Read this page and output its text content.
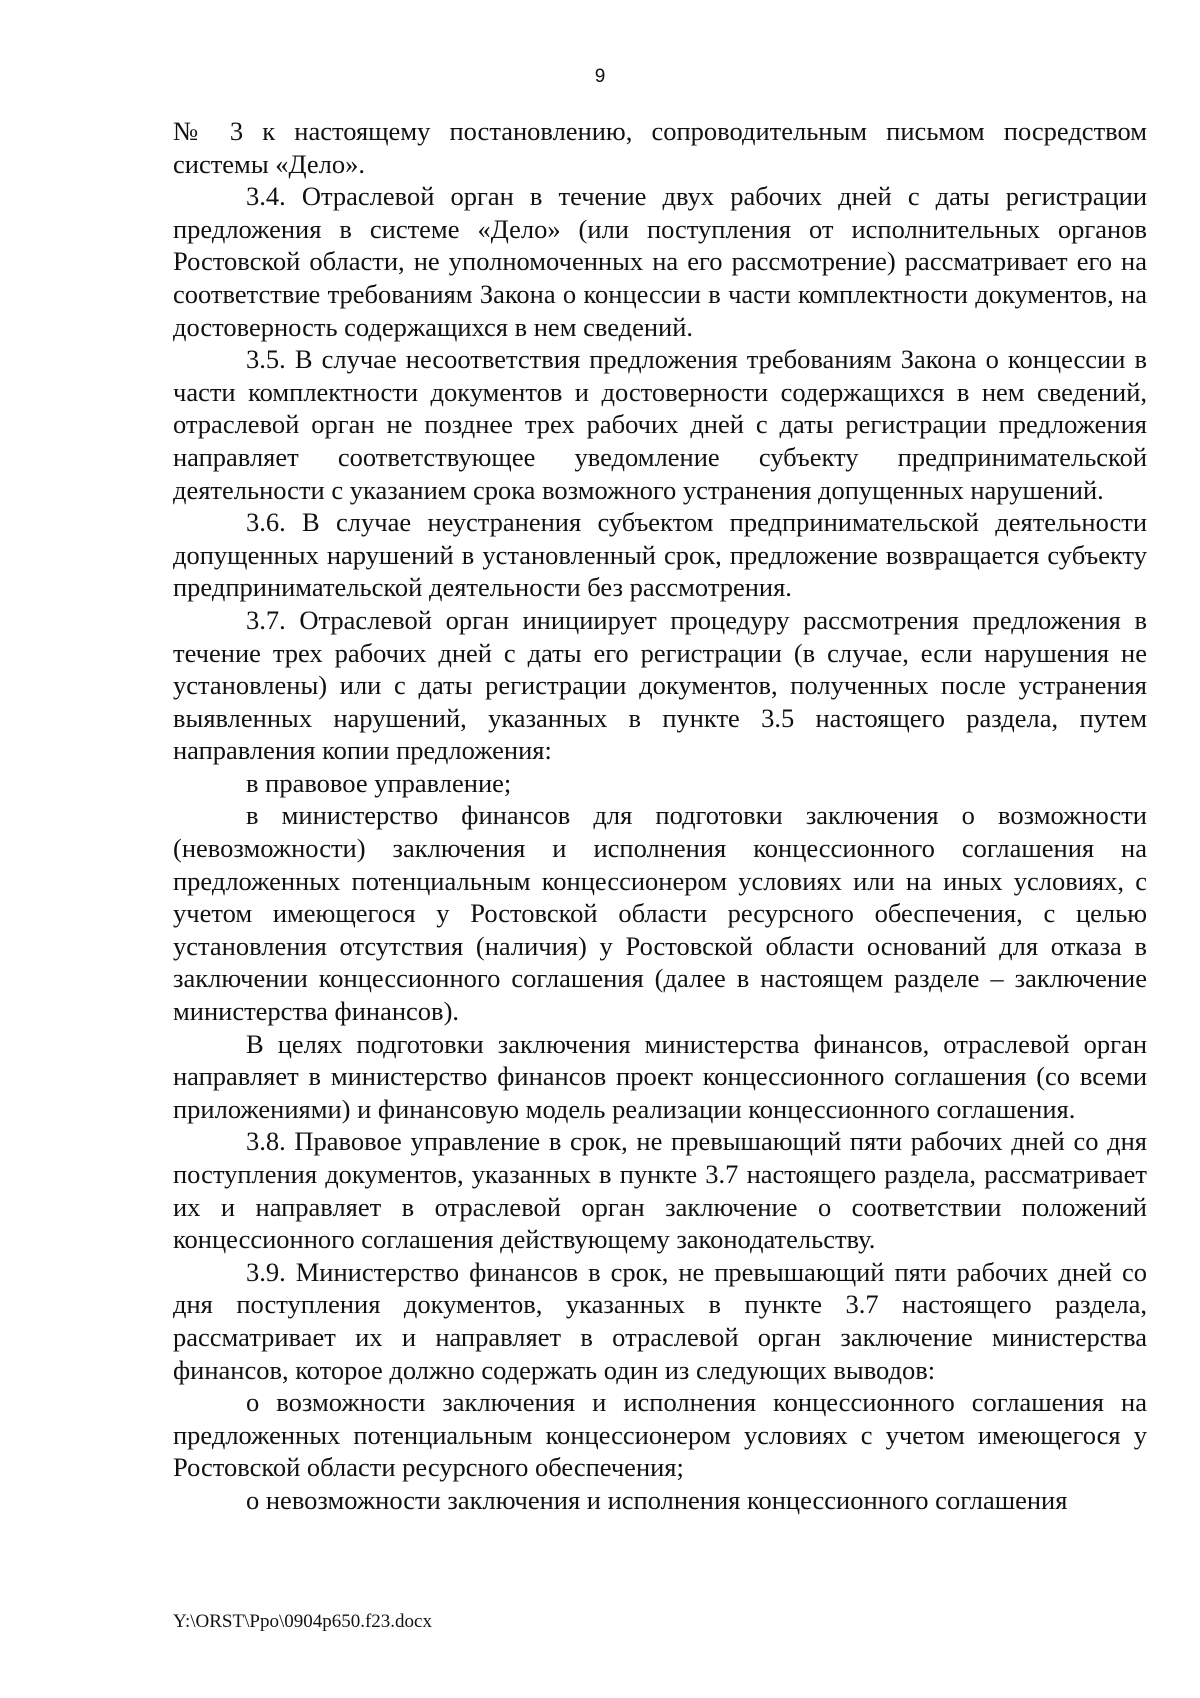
9

№ 3 к настоящему постановлению, сопроводительным письмом посредством системы «Дело».

3.4. Отраслевой орган в течение двух рабочих дней с даты регистрации предложения в системе «Дело» (или поступления от исполнительных органов Ростовской области, не уполномоченных на его рассмотрение) рассматривает его на соответствие требованиям Закона о концессии в части комплектности документов, на достоверность содержащихся в нем сведений.

3.5. В случае несоответствия предложения требованиям Закона о концессии в части комплектности документов и достоверности содержащихся в нем сведений, отраслевой орган не позднее трех рабочих дней с даты регистрации предложения направляет соответствующее уведомление субъекту предпринимательской деятельности с указанием срока возможного устранения допущенных нарушений.

3.6. В случае неустранения субъектом предпринимательской деятельности допущенных нарушений в установленный срок, предложение возвращается субъекту предпринимательской деятельности без рассмотрения.

3.7. Отраслевой орган инициирует процедуру рассмотрения предложения в течение трех рабочих дней с даты его регистрации (в случае, если нарушения не установлены) или с даты регистрации документов, полученных после устранения выявленных нарушений, указанных в пункте 3.5 настоящего раздела, путем направления копии предложения:

в правовое управление;

в министерство финансов для подготовки заключения о возможности (невозможности) заключения и исполнения концессионного соглашения на предложенных потенциальным концессионером условиях или на иных условиях, с учетом имеющегося у Ростовской области ресурсного обеспечения, с целью установления отсутствия (наличия) у Ростовской области оснований для отказа в заключении концессионного соглашения (далее в настоящем разделе – заключение министерства финансов).

В целях подготовки заключения министерства финансов, отраслевой орган направляет в министерство финансов проект концессионного соглашения (со всеми приложениями) и финансовую модель реализации концессионного соглашения.

3.8. Правовое управление в срок, не превышающий пяти рабочих дней со дня поступления документов, указанных в пункте 3.7 настоящего раздела, рассматривает их и направляет в отраслевой орган заключение о соответствии положений концессионного соглашения действующему законодательству.

3.9. Министерство финансов в срок, не превышающий пяти рабочих дней со дня поступления документов, указанных в пункте 3.7 настоящего раздела, рассматривает их и направляет в отраслевой орган заключение министерства финансов, которое должно содержать один из следующих выводов:

о возможности заключения и исполнения концессионного соглашения на предложенных потенциальным концессионером условиях с учетом имеющегося у Ростовской области ресурсного обеспечения;

о невозможности заключения и исполнения концессионного соглашения

Y:\ORST\Ppo\0904p650.f23.docx
